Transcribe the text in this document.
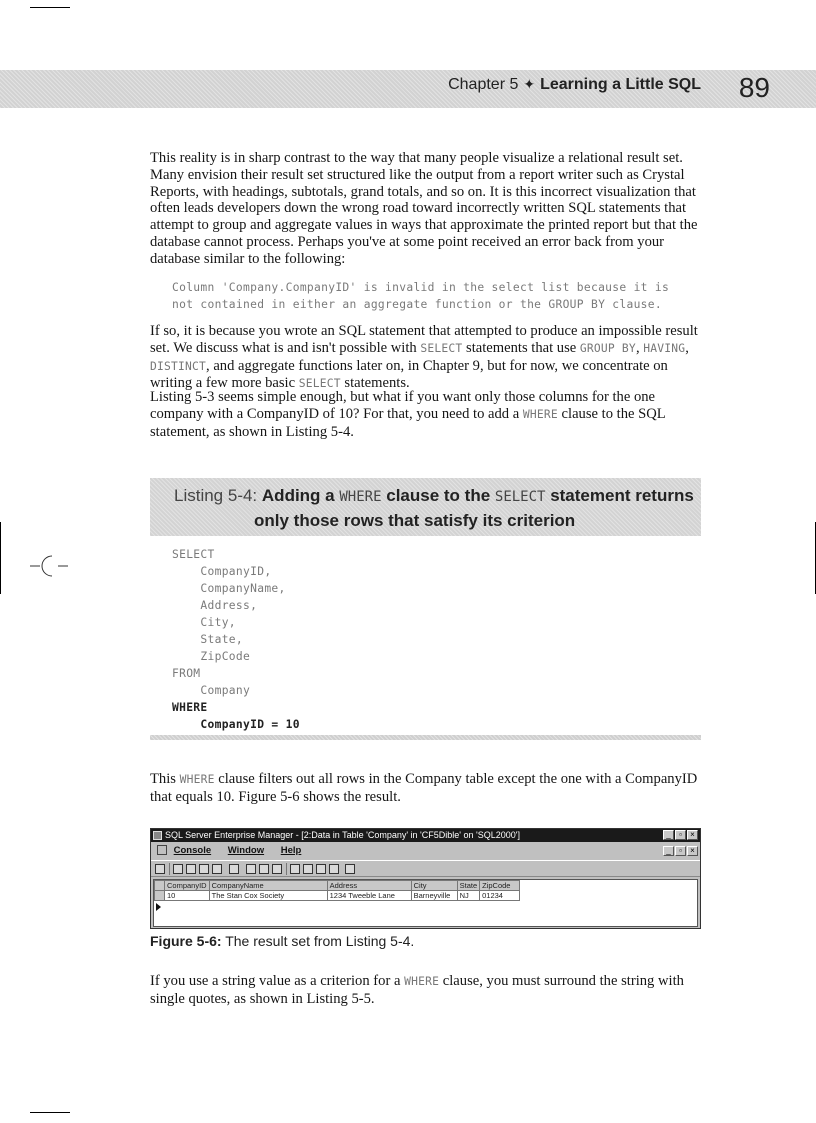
Chapter 5 ✦ Learning a Little SQL 89

This reality is in sharp contrast to the way that many people visualize a relational result set. Many envision their result set structured like the output from a report writer such as Crystal Reports, with headings, subtotals, grand totals, and so on. It is this incorrect visualization that often leads developers down the wrong road toward incorrectly written SQL statements that attempt to group and aggregate values in ways that approximate the printed report but that the database cannot process. Perhaps you've at some point received an error back from your database similar to the following:

Column 'Company.CompanyID' is invalid in the select list because it is
not contained in either an aggregate function or the GROUP BY clause.

If so, it is because you wrote an SQL statement that attempted to produce an impossible result set. We discuss what is and isn't possible with SELECT statements that use GROUP BY, HAVING, DISTINCT, and aggregate functions later on, in Chapter 9, but for now, we concentrate on writing a few more basic SELECT statements.

Listing 5-3 seems simple enough, but what if you want only those columns for the one company with a CompanyID of 10? For that, you need to add a WHERE clause to the SQL statement, as shown in Listing 5-4.

Listing 5-4: Adding a WHERE clause to the SELECT statement returns
only those rows that satisfy its criterion
SELECT
CompanyID,
CompanyName,
Address,
City,
State,
ZipCode
FROM
Company
WHERE
CompanyID = 10

This WHERE clause filters out all rows in the Company table except the one with a CompanyID that equals 10. Figure 5-6 shows the result.

SQL Server Enterprise Manager - [2:Data in Table 'Company' in 'CF5Dible' on 'SQL2000']	_	▫	×
Console Window Help	_	▫	×
	CompanyID	CompanyName	Address	City	State	ZipCode
	10	The Stan Cox Society	1234 Tweeble Lane	Barneyville	NJ	01234
Figure 5-6: The result set from Listing 5-4.

If you use a string value as a criterion for a WHERE clause, you must surround the string with single quotes, as shown in Listing 5-5.
